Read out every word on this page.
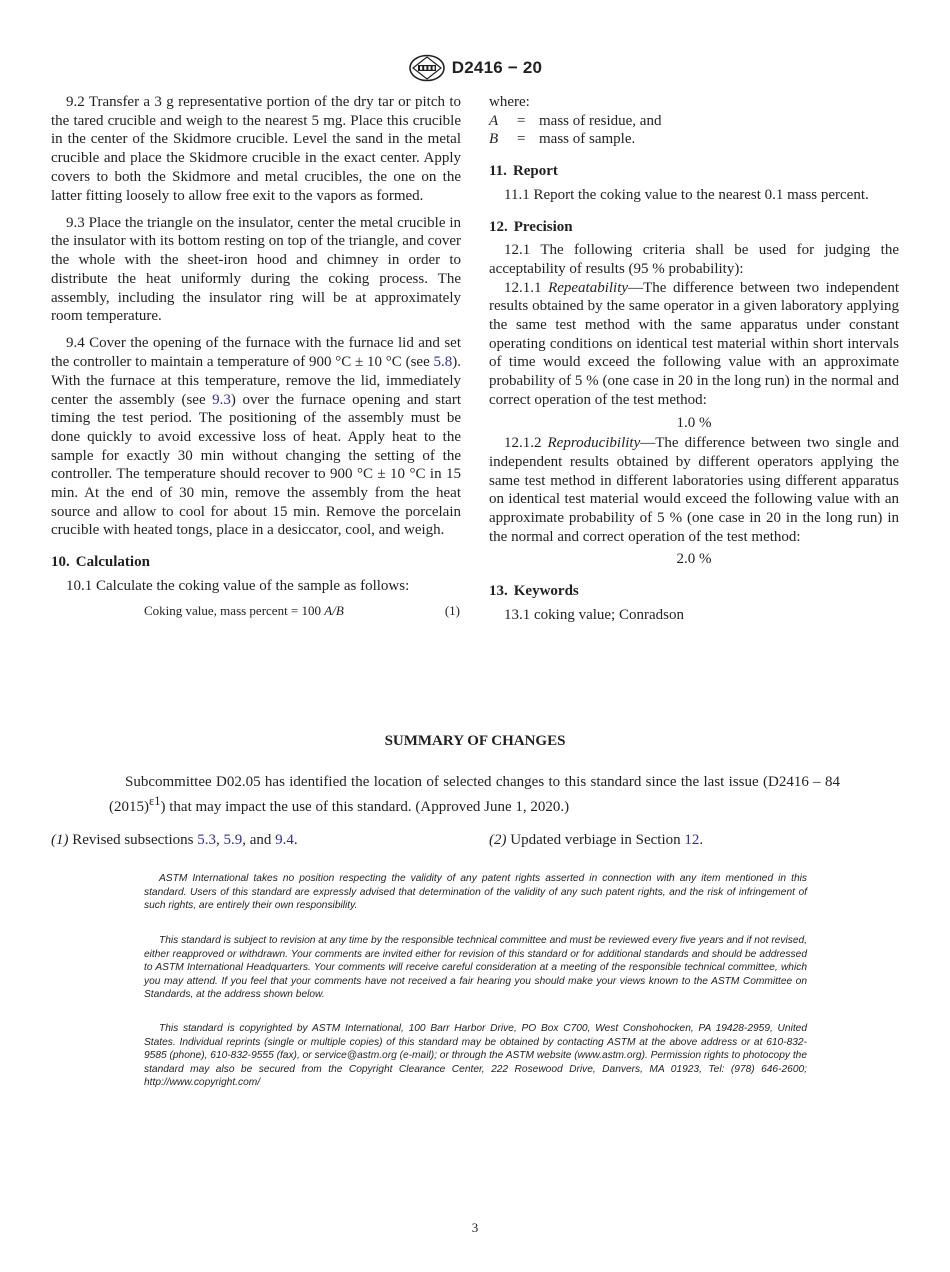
D2416 − 20

9.2 Transfer a 3 g representative portion of the dry tar or pitch to the tared crucible and weigh to the nearest 5 mg. Place this crucible in the center of the Skidmore crucible. Level the sand in the metal crucible and place the Skidmore crucible in the exact center. Apply covers to both the Skidmore and metal crucibles, the one on the latter fitting loosely to allow free exit to the vapors as formed.

9.3 Place the triangle on the insulator, center the metal crucible in the insulator with its bottom resting on top of the triangle, and cover the whole with the sheet-iron hood and chimney in order to distribute the heat uniformly during the coking process. The assembly, including the insulator ring will be at approximately room temperature.

9.4 Cover the opening of the furnace with the furnace lid and set the controller to maintain a temperature of 900 °C ± 10 °C (see 5.8). With the furnace at this temperature, remove the lid, immediately center the assembly (see 9.3) over the furnace opening and start timing the test period. The positioning of the assembly must be done quickly to avoid excessive loss of heat. Apply heat to the sample for exactly 30 min without changing the setting of the controller. The temperature should recover to 900 °C ± 10 °C in 15 min. At the end of 30 min, remove the assembly from the heat source and allow to cool for about 15 min. Remove the porcelain crucible with heated tongs, place in a desiccator, cool, and weigh.

10. Calculation

10.1 Calculate the coking value of the sample as follows:

Coking value, mass percent = 100 A/B	(1)

where:

A	= mass of residue, and
B	= mass of sample.
11. Report

11.1 Report the coking value to the nearest 0.1 mass percent.

12. Precision

12.1 The following criteria shall be used for judging the acceptability of results (95 % probability):

12.1.1 Repeatability—The difference between two independent results obtained by the same operator in a given laboratory applying the same test method with the same apparatus under constant operating conditions on identical test material within short intervals of time would exceed the following value with an approximate probability of 5 % (one case in 20 in the long run) in the normal and correct operation of the test method:

1.0 %

12.1.2 Reproducibility—The difference between two single and independent results obtained by different operators applying the same test method in different laboratories using different apparatus on identical test material would exceed the following value with an approximate probability of 5 % (one case in 20 in the long run) in the normal and correct operation of the test method:

2.0 %
13. Keywords

13.1 coking value; Conradson

SUMMARY OF CHANGES
Subcommittee D02.05 has identified the location of selected changes to this standard since the last issue (D2416 – 84 $(2015)^{\varepsilon 1}$) that may impact the use of this standard. (Approved June 1, 2020.)
(1) Revised subsections 5.3, 5.9, and 9.4.	(2) Updated verbiage in Section 12.
ASTM International takes no position respecting the validity of any patent rights asserted in connection with any item mentioned in this standard. Users of this standard are expressly advised that determination of the validity of any such patent rights, and the risk of infringement of such rights, are entirely their own responsibility.
This standard is subject to revision at any time by the responsible technical committee and must be reviewed every five years and if not revised, either reapproved or withdrawn. Your comments are invited either for revision of this standard or for additional standards and should be addressed to ASTM International Headquarters. Your comments will receive careful consideration at a meeting of the responsible technical committee, which you may attend. If you feel that your comments have not received a fair hearing you should make your views known to the ASTM Committee on Standards, at the address shown below.
This standard is copyrighted by ASTM International, 100 Barr Harbor Drive, PO Box C700, West Conshohocken, PA 19428-2959, United States. Individual reprints (single or multiple copies) of this standard may be obtained by contacting ASTM at the above address or at 610-832-9585 (phone), 610-832-9555 (fax), or service@astm.org (e-mail); or through the ASTM website (www.astm.org). Permission rights to photocopy the standard may also be secured from the Copyright Clearance Center, 222 Rosewood Drive, Danvers, MA 01923, Tel: (978) 646-2600; http://www.copyright.com/
3
